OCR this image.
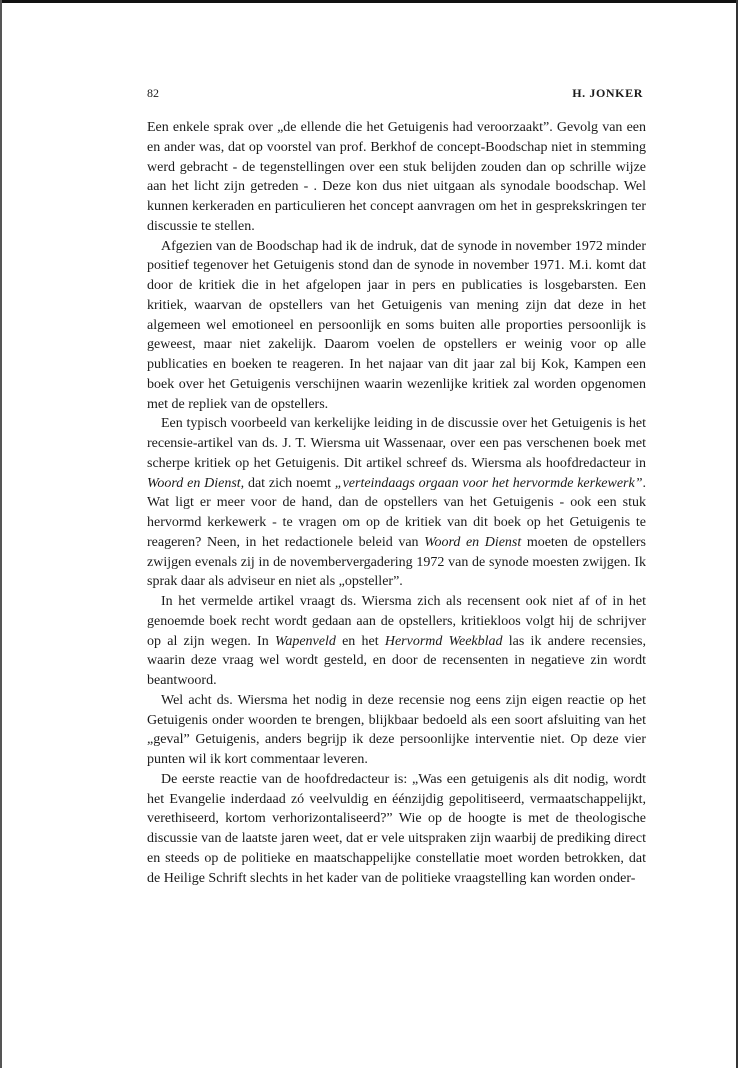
82	H. JONKER

Een enkele sprak over „de ellende die het Getuigenis had veroorzaakt”. Gevolg van een en ander was, dat op voorstel van prof. Berkhof de concept-Boodschap niet in stemming werd gebracht - de tegenstellingen over een stuk belijden zouden dan op schrille wijze aan het licht zijn getreden - . Deze kon dus niet uitgaan als synodale boodschap. Wel kunnen kerkeraden en particulieren het concept aanvragen om het in gesprekskringen ter discussie te stellen.

Afgezien van de Boodschap had ik de indruk, dat de synode in november 1972 minder positief tegenover het Getuigenis stond dan de synode in november 1971. M.i. komt dat door de kritiek die in het afgelopen jaar in pers en publicaties is losgebarsten. Een kritiek, waarvan de opstellers van het Getuigenis van mening zijn dat deze in het algemeen wel emotioneel en persoonlijk en soms buiten alle proporties persoonlijk is geweest, maar niet zakelijk. Daarom voelen de opstellers er weinig voor op alle publicaties en boeken te reageren. In het najaar van dit jaar zal bij Kok, Kampen een boek over het Getuigenis verschijnen waarin wezenlijke kritiek zal worden opgenomen met de repliek van de opstellers.

Een typisch voorbeeld van kerkelijke leiding in de discussie over het Getuigenis is het recensie-artikel van ds. J. T. Wiersma uit Wassenaar, over een pas verschenen boek met scherpe kritiek op het Getuigenis. Dit artikel schreef ds. Wiersma als hoofdredacteur in Woord en Dienst, dat zich noemt „verteindaags orgaan voor het hervormde kerkewerk”. Wat ligt er meer voor de hand, dan de opstellers van het Getuigenis - ook een stuk hervormd kerkewerk - te vragen om op de kritiek van dit boek op het Getuigenis te reageren? Neen, in het redactionele beleid van Woord en Dienst moeten de opstellers zwijgen evenals zij in de novembervergadering 1972 van de synode moesten zwijgen. Ik sprak daar als adviseur en niet als „opsteller”.

In het vermelde artikel vraagt ds. Wiersma zich als recensent ook niet af of in het genoemde boek recht wordt gedaan aan de opstellers, kritiekloos volgt hij de schrijver op al zijn wegen. In Wapenveld en het Hervormd Weekblad las ik andere recensies, waarin deze vraag wel wordt gesteld, en door de recensenten in negatieve zin wordt beantwoord.

Wel acht ds. Wiersma het nodig in deze recensie nog eens zijn eigen reactie op het Getuigenis onder woorden te brengen, blijkbaar bedoeld als een soort afsluiting van het „geval” Getuigenis, anders begrijp ik deze persoonlijke interventie niet. Op deze vier punten wil ik kort commentaar leveren.

De eerste reactie van de hoofdredacteur is: „Was een getuigenis als dit nodig, wordt het Evangelie inderdaad zó veelvuldig en éénzijdig gepolitiseerd, vermaatschappelijkt, verethiseerd, kortom verhorizontaliseerd?” Wie op de hoogte is met de theologische discussie van de laatste jaren weet, dat er vele uitspraken zijn waarbij de prediking direct en steeds op de politieke en maatschappelijke constellatie moet worden betrokken, dat de Heilige Schrift slechts in het kader van de politieke vraagstelling kan worden onder-
